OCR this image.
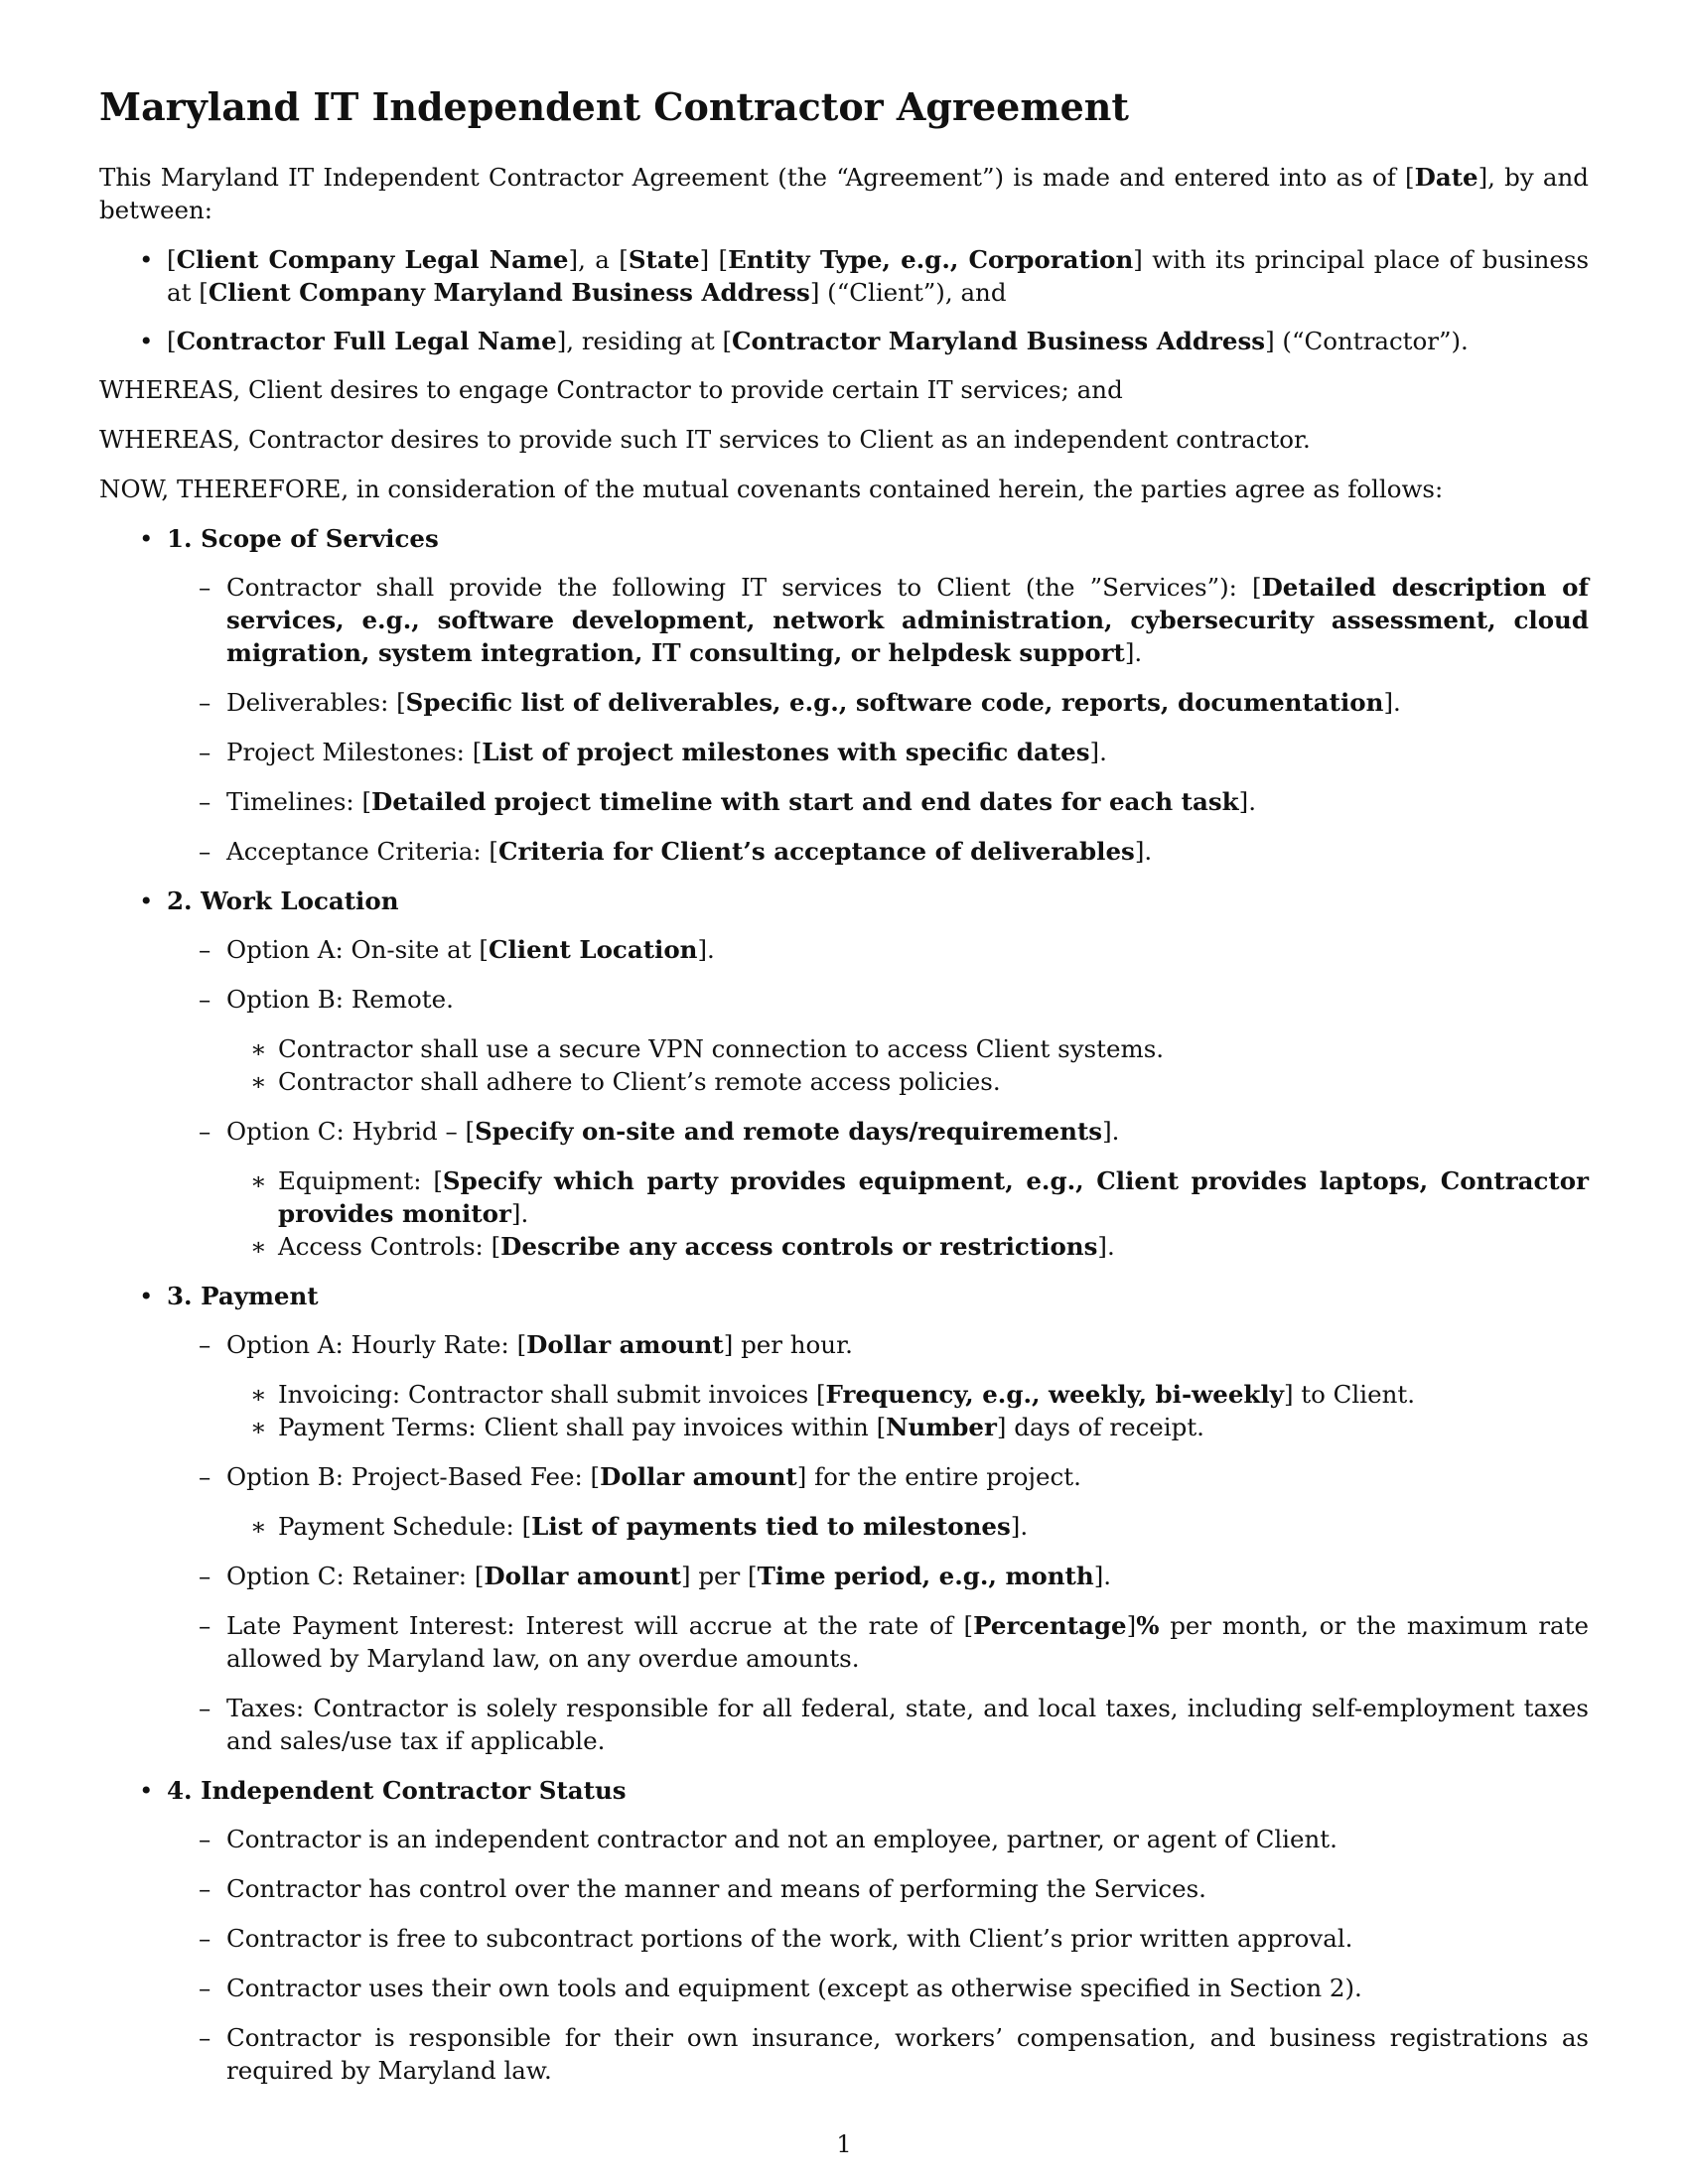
Maryland IT Independent Contractor Agreement

This Maryland IT Independent Contractor Agreement (the “Agreement”) is made and entered into as of [Date], by and between:

• [Client Company Legal Name], a [State] [Entity Type, e.g., Corporation] with its principal place of business at [Client Company Maryland Business Address] (“Client”), and
• [Contractor Full Legal Name], residing at [Contractor Maryland Business Address] (“Contractor”).

WHEREAS, Client desires to engage Contractor to provide certain IT services; and

WHEREAS, Contractor desires to provide such IT services to Client as an independent contractor.

NOW, THEREFORE, in consideration of the mutual covenants contained herein, the parties agree as follows:

• 1. Scope of Services
– Contractor shall provide the following IT services to Client (the ”Services”): [Detailed description of services, e.g., software development, network administration, cybersecurity assessment, cloud migration, system integration, IT consulting, or helpdesk support].
– Deliverables: [Specific list of deliverables, e.g., software code, reports, documentation].
– Project Milestones: [List of project milestones with specific dates].
– Timelines: [Detailed project timeline with start and end dates for each task].
– Acceptance Criteria: [Criteria for Client’s acceptance of deliverables].
• 2. Work Location
– Option A: On-site at [Client Location].
– Option B: Remote.
∗ Contractor shall use a secure VPN connection to access Client systems.
∗ Contractor shall adhere to Client’s remote access policies.
– Option C: Hybrid – [Specify on-site and remote days/requirements].
∗ Equipment: [Specify which party provides equipment, e.g., Client provides laptops, Contractor provides monitor].
∗ Access Controls: [Describe any access controls or restrictions].
• 3. Payment
– Option A: Hourly Rate: [Dollar amount] per hour.
∗ Invoicing: Contractor shall submit invoices [Frequency, e.g., weekly, bi-weekly] to Client.
∗ Payment Terms: Client shall pay invoices within [Number] days of receipt.
– Option B: Project-Based Fee: [Dollar amount] for the entire project.
∗ Payment Schedule: [List of payments tied to milestones].
– Option C: Retainer: [Dollar amount] per [Time period, e.g., month].
– Late Payment Interest: Interest will accrue at the rate of [Percentage]% per month, or the maximum rate allowed by Maryland law, on any overdue amounts.
– Taxes: Contractor is solely responsible for all federal, state, and local taxes, including self-employment taxes and sales/use tax if applicable.
• 4. Independent Contractor Status
– Contractor is an independent contractor and not an employee, partner, or agent of Client.
– Contractor has control over the manner and means of performing the Services.
– Contractor is free to subcontract portions of the work, with Client’s prior written approval.
– Contractor uses their own tools and equipment (except as otherwise specified in Section 2).
– Contractor is responsible for their own insurance, workers’ compensation, and business registrations as required by Maryland law.
1
